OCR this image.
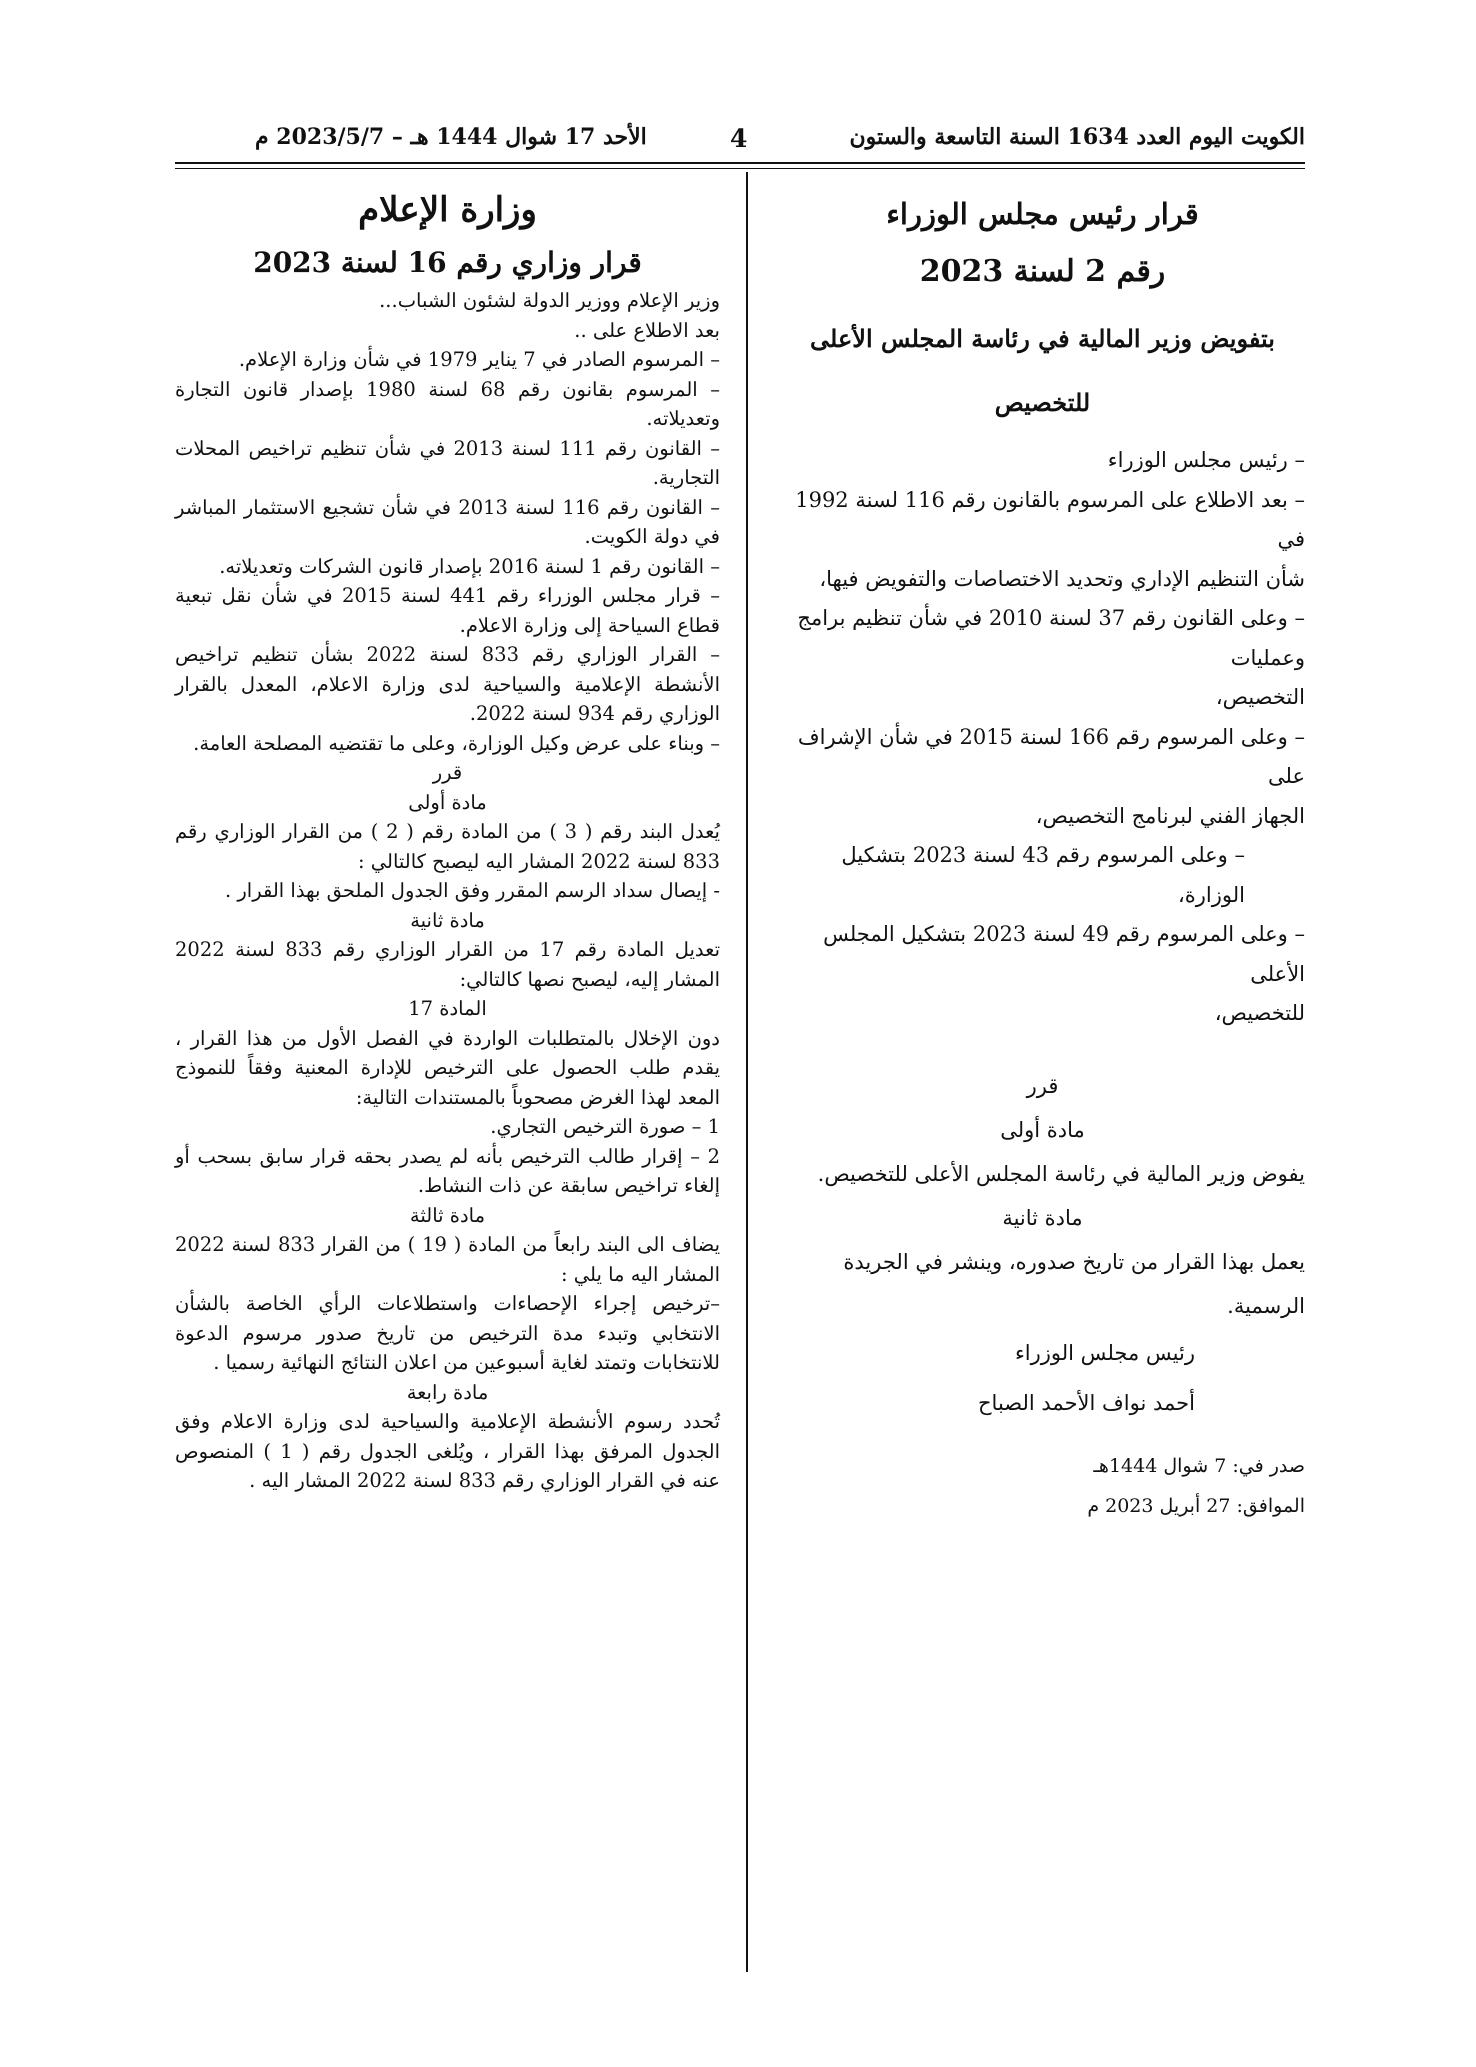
الكويت اليوم العدد 1634 السنة التاسعة والستون
4
الأحد 17 شوال 1444 هـ – 2023/5/7 م

قرار رئيس مجلس الوزراء

رقم 2 لسنة 2023

بتفويض وزير المالية في رئاسة المجلس الأعلى للتخصيص

– رئيس مجلس الوزراء

– بعد الاطلاع على المرسوم بالقانون رقم 116 لسنة 1992 في

شأن التنظيم الإداري وتحديد الاختصاصات والتفويض فيها،

– وعلى القانون رقم 37 لسنة 2010 في شأن تنظيم برامج وعمليات

التخصيص،

– وعلى المرسوم رقم 166 لسنة 2015 في شأن الإشراف على

الجهاز الفني لبرنامج التخصيص،

– وعلى المرسوم رقم 43 لسنة 2023 بتشكيل الوزارة،

– وعلى المرسوم رقم 49 لسنة 2023 بتشكيل المجلس الأعلى

للتخصيص،

قرر

مادة أولى

يفوض وزير المالية في رئاسة المجلس الأعلى للتخصيص.

مادة ثانية

يعمل بهذا القرار من تاريخ صدوره، وينشر في الجريدة الرسمية.

رئيس مجلس الوزراء

أحمد نواف الأحمد الصباح

صدر في: 7 شوال 1444هـ

الموافق: 27 أبريل 2023 م

وزارة الإعلام

قرار وزاري رقم 16 لسنة 2023

وزير الإعلام ووزير الدولة لشئون الشباب...

بعد الاطلاع على ..

– المرسوم الصادر في 7 يناير 1979 في شأن وزارة الإعلام.

– المرسوم بقانون رقم 68 لسنة 1980 بإصدار قانون التجارة وتعديلاته.

– القانون رقم 111 لسنة 2013 في شأن تنظيم تراخيص المحلات التجارية.

– القانون رقم 116 لسنة 2013 في شأن تشجيع الاستثمار المباشر في دولة الكويت.

– القانون رقم 1 لسنة 2016 بإصدار قانون الشركات وتعديلاته.

– قرار مجلس الوزراء رقم 441 لسنة 2015 في شأن نقل تبعية قطاع السياحة إلى وزارة الاعلام.

– القرار الوزاري رقم 833 لسنة 2022 بشأن تنظيم تراخيص الأنشطة الإعلامية والسياحية لدى وزارة الاعلام، المعدل بالقرار الوزاري رقم 934 لسنة 2022.

– وبناء على عرض وكيل الوزارة، وعلى ما تقتضيه المصلحة العامة.

قرر

مادة أولى

يُعدل البند رقم ( 3 ) من المادة رقم ( 2 ) من القرار الوزاري رقم 833 لسنة 2022 المشار اليه ليصبح كالتالي :

- إيصال سداد الرسم المقرر وفق الجدول الملحق بهذا القرار .

مادة ثانية

تعديل المادة رقم 17 من القرار الوزاري رقم 833 لسنة 2022 المشار إليه، ليصبح نصها كالتالي:

المادة 17

دون الإخلال بالمتطلبات الواردة في الفصل الأول من هذا القرار ، يقدم طلب الحصول على الترخيص للإدارة المعنية وفقاً للنموذج المعد لهذا الغرض مصحوباً بالمستندات التالية:

1 – صورة الترخيص التجاري.

2 – إقرار طالب الترخيص بأنه لم يصدر بحقه قرار سابق بسحب أو إلغاء تراخيص سابقة عن ذات النشاط.

مادة ثالثة

يضاف الى البند رابعاً من المادة ( 19 ) من القرار 833 لسنة 2022 المشار اليه ما يلي :

–ترخيص إجراء الإحصاءات واستطلاعات الرأي الخاصة بالشأن الانتخابي وتبدء مدة الترخيص من تاريخ صدور مرسوم الدعوة للانتخابات وتمتد لغاية أسبوعين من اعلان النتائج النهائية رسميا .

مادة رابعة

تُحدد رسوم الأنشطة الإعلامية والسياحية لدى وزارة الاعلام وفق الجدول المرفق بهذا القرار ، ويُلغى الجدول رقم ( 1 ) المنصوص عنه في القرار الوزاري رقم 833 لسنة 2022 المشار اليه .
